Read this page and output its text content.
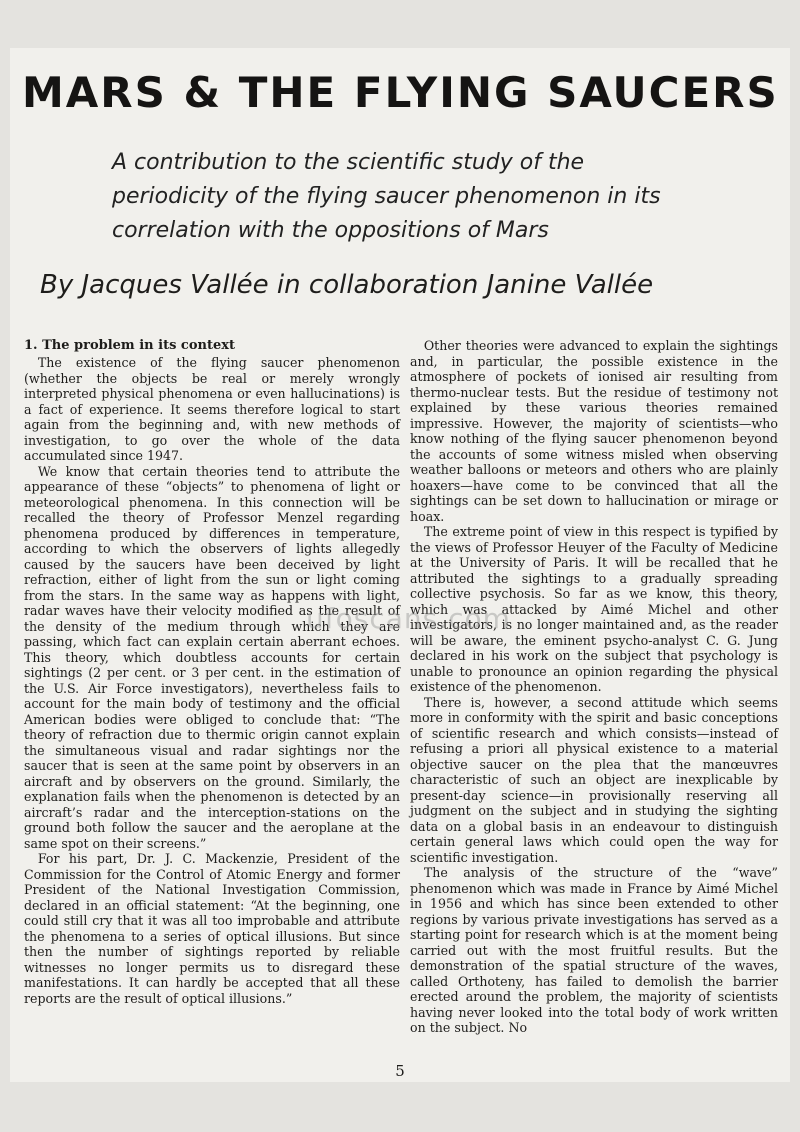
MARS & THE FLYING SAUCERS

A contribution to the scientific study of the periodicity of the flying saucer phenomenon in its correlation with the oppositions of Mars

By Jacques Vallée in collaboration Janine Vallée

1. The problem in its context

The existence of the flying saucer phenomenon (whether the objects be real or merely wrongly interpreted physical phenomena or even hallucinations) is a fact of experience. It seems therefore logical to start again from the beginning and, with new methods of investigation, to go over the whole of the data accumulated since 1947.

We know that certain theories tend to attribute the appearance of these “objects” to phenomena of light or meteorological phenomena. In this connection will be recalled the theory of Professor Menzel regarding phenomena produced by differences in temperature, according to which the observers of lights allegedly caused by the saucers have been deceived by light refraction, either of light from the sun or light coming from the stars. In the same way as happens with light, radar waves have their velocity modified as the result of the density of the medium through which they are passing, which fact can explain certain aberrant echoes. This theory, which doubtless accounts for certain sightings (2 per cent. or 3 per cent. in the estimation of the U.S. Air Force investigators), nevertheless fails to account for the main body of testimony and the official American bodies were obliged to conclude that: “The theory of refraction due to thermic origin cannot explain the simultaneous visual and radar sightings nor the saucer that is seen at the same point by observers in an aircraft and by observers on the ground. Similarly, the explanation fails when the phenomenon is detected by an aircraft’s radar and the interception-stations on the ground both follow the saucer and the aeroplane at the same spot on their screens.”

For his part, Dr. J. C. Mackenzie, President of the Commission for the Control of Atomic Energy and former President of the National Investigation Commission, declared in an official statement: “At the beginning, one could still cry that it was all too improbable and attribute the phenomena to a series of optical illusions. But since then the number of sightings reported by reliable witnesses no longer permits us to disregard these manifestations. It can hardly be accepted that all these reports are the result of optical illusions.”

Other theories were advanced to explain the sightings and, in particular, the possible existence in the atmosphere of pockets of ionised air resulting from thermo-nuclear tests. But the residue of testimony not explained by these various theories remained impressive. However, the majority of scientists—who know nothing of the flying saucer phenomenon beyond the accounts of some witness misled when observing weather balloons or meteors and others who are plainly hoaxers—have come to be convinced that all the sightings can be set down to hallucination or mirage or hoax.

The extreme point of view in this respect is typified by the views of Professor Heuyer of the Faculty of Medicine at the University of Paris. It will be recalled that he attributed the sightings to a gradually spreading collective psychosis. So far as we know, this theory, which was attacked by Aimé Michel and other investigators, is no longer maintained and, as the reader will be aware, the eminent psycho-analyst C. G. Jung declared in his work on the subject that psychology is unable to pronounce an opinion regarding the physical existence of the phenomenon.

There is, however, a second attitude which seems more in conformity with the spirit and basic conceptions of scientific research and which consists—instead of refusing a priori all physical existence to a material objective saucer on the plea that the manœuvres characteristic of such an object are inexplicable by present-day science—in provisionally reserving all judgment on the subject and in studying the sighting data on a global basis in an endeavour to distinguish certain general laws which could open the way for scientific investigation.

The analysis of the structure of the “wave” phenomenon which was made in France by Aimé Michel in 1956 and which has since been extended to other regions by various private investigations has served as a starting point for research which is at the moment being carried out with the most fruitful results. But the demonstration of the spatial structure of the waves, called Orthoteny, has failed to demolish the barrier erected around the problem, the majority of scientists having never looked into the total body of work written on the subject. No

ufoscans.com
5
